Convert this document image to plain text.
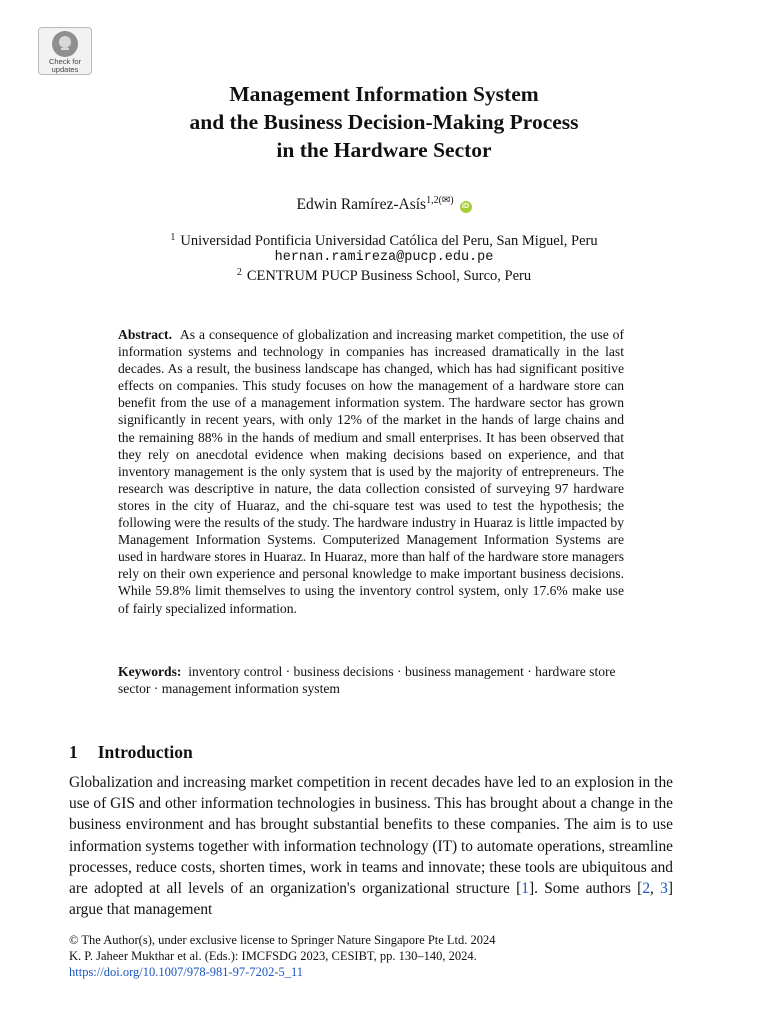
Check for
updates
Management Information System
and the Business Decision-Making Process
in the Hardware Sector
Edwin Ramírez-Asís$^{1,2(✉)}$ iD
$^1$ Universidad Pontificia Universidad Católica del Peru, San Miguel, Peru
hernan.ramireza@pucp.edu.pe
$^2$ CENTRUM PUCP Business School, Surco, Peru

Abstract. As a consequence of globalization and increasing market competition, the use of information systems and technology in companies has increased dramatically in the last decades. As a result, the business landscape has changed, which has had significant positive effects on companies. This study focuses on how the management of a hardware store can benefit from the use of a management information system. The hardware sector has grown significantly in recent years, with only 12% of the market in the hands of large chains and the remaining 88% in the hands of medium and small enterprises. It has been observed that they rely on anecdotal evidence when making decisions based on experience, and that inventory management is the only system that is used by the majority of entrepreneurs. The research was descriptive in nature, the data collection consisted of surveying 97 hardware stores in the city of Huaraz, and the chi-square test was used to test the hypothesis; the following were the results of the study. The hardware industry in Huaraz is little impacted by Management Information Systems. Computerized Management Information Systems are used in hardware stores in Huaraz. In Huaraz, more than half of the hardware store managers rely on their own experience and personal knowledge to make important business decisions. While 59.8% limit themselves to using the inventory control system, only 17.6% make use of fairly specialized information.

Keywords: inventory control · business decisions · business management · hardware store sector · management information system

1 Introduction

Globalization and increasing market competition in recent decades have led to an explosion in the use of GIS and other information technologies in business. This has brought about a change in the business environment and has brought substantial benefits to these companies. The aim is to use information systems together with information technology (IT) to automate operations, streamline processes, reduce costs, shorten times, work in teams and innovate; these tools are ubiquitous and are adopted at all levels of an organization's organizational structure [1]. Some authors [2, 3] argue that management

© The Author(s), under exclusive license to Springer Nature Singapore Pte Ltd. 2024
K. P. Jaheer Mukthar et al. (Eds.): IMCFSDG 2023, CESIBT, pp. 130–140, 2024.
https://doi.org/10.1007/978-981-97-7202-5_11
